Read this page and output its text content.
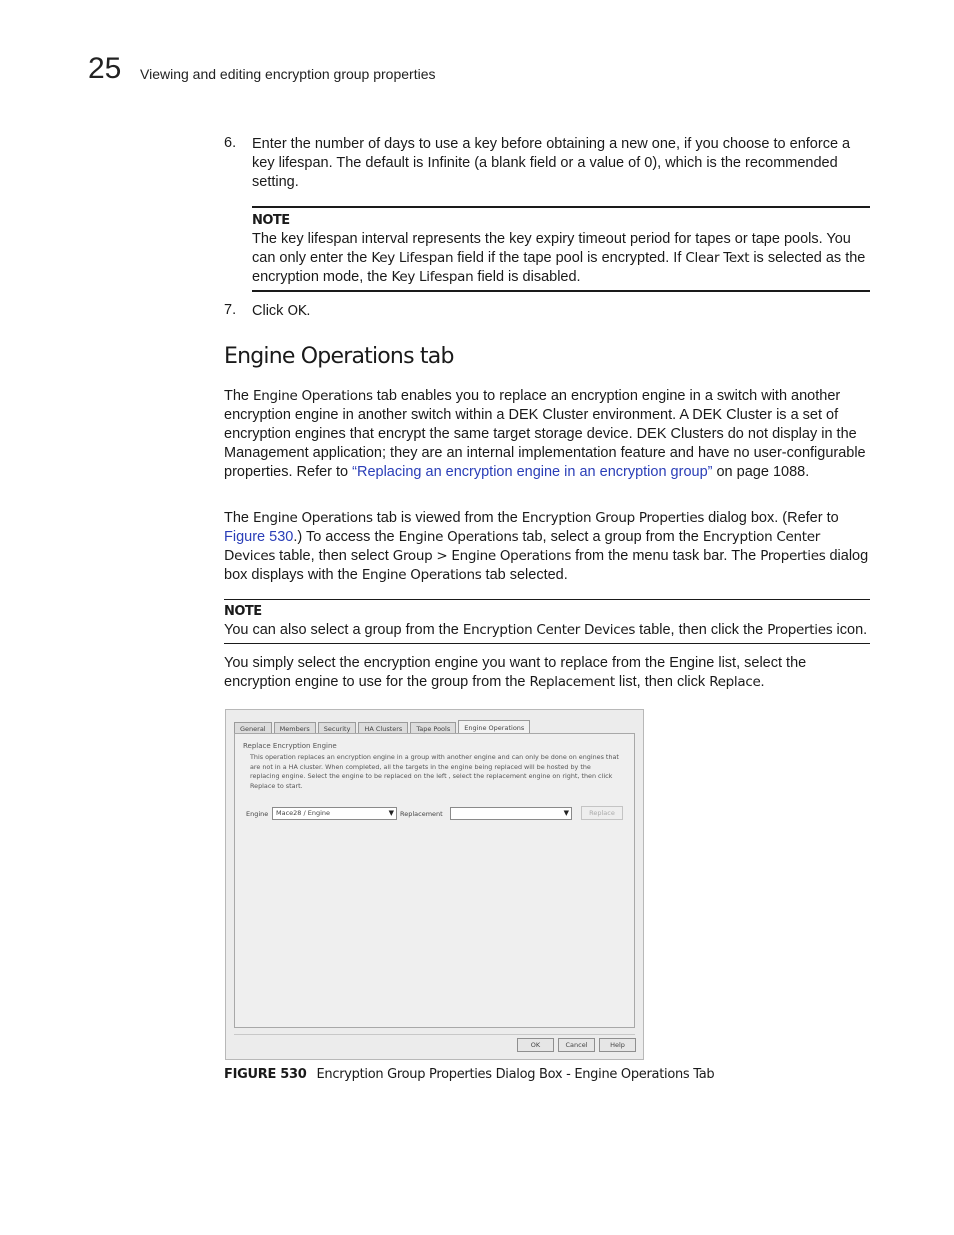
25 Viewing and editing encryption group properties
6. Enter the number of days to use a key before obtaining a new one, if you choose to enforce a key lifespan. The default is Infinite (a blank field or a value of 0), which is the recommended setting.
NOTE
The key lifespan interval represents the key expiry timeout period for tapes or tape pools. You can only enter the Key Lifespan field if the tape pool is encrypted. If Clear Text is selected as the encryption mode, the Key Lifespan field is disabled.
7. Click OK.
Engine Operations tab
The Engine Operations tab enables you to replace an encryption engine in a switch with another encryption engine in another switch within a DEK Cluster environment. A DEK Cluster is a set of encryption engines that encrypt the same target storage device. DEK Clusters do not display in the Management application; they are an internal implementation feature and have no user-configurable properties. Refer to “Replacing an encryption engine in an encryption group” on page 1088.
The Engine Operations tab is viewed from the Encryption Group Properties dialog box. (Refer to Figure 530.) To access the Engine Operations tab, select a group from the Encryption Center Devices table, then select Group > Engine Operations from the menu task bar. The Properties dialog box displays with the Engine Operations tab selected.
NOTE
You can also select a group from the Encryption Center Devices table, then click the Properties icon.
You simply select the encryption engine you want to replace from the Engine list, select the encryption engine to use for the group from the Replacement list, then click Replace.
General	Members	Security	HA Clusters	Tape Pools	Engine Operations
Replace Encryption Engine
This operation replaces an encryption engine in a group with another engine and can only be done on engines that are not in a HA cluster. When completed, all the targets in the engine being replaced will be hosted by the replacing engine. Select the engine to be replaced on the left , select the replacement engine on right, then click Replace to start.
Engine	Mace28 / Engine	▼ Replacement	▼	Replace
OK	Cancel	Help
FIGURE 530 Encryption Group Properties Dialog Box - Engine Operations Tab
